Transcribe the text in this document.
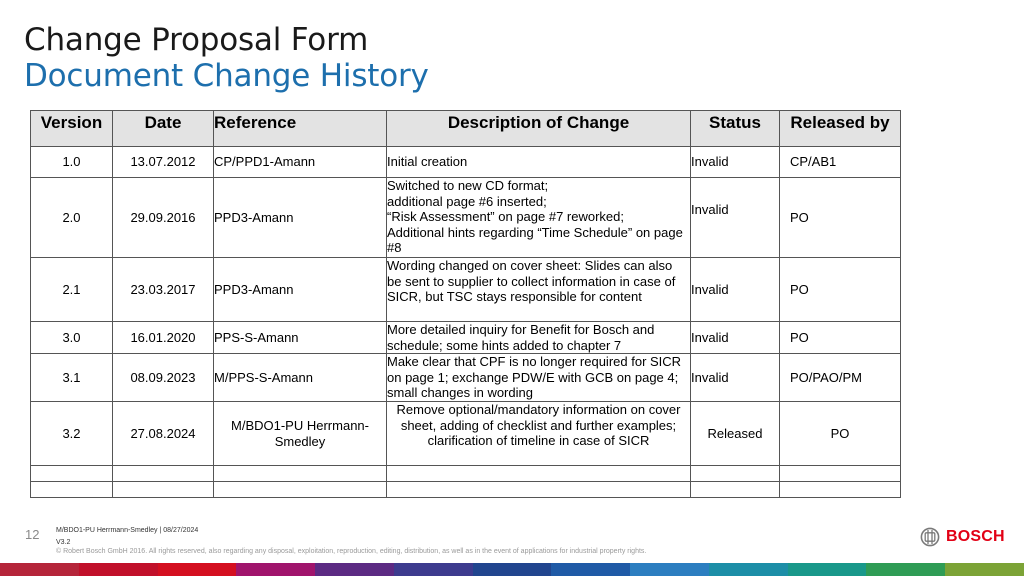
Change Proposal Form
Document Change History
Version	Date	Reference	Description of Change	Status	Released by
1.0	13.07.2012	CP/PPD1-Amann	Initial creation	Invalid	CP/AB1
2.0	29.09.2016	PPD3-Amann	Switched to new CD format;
additional page #6 inserted;
“Risk Assessment” on page #7 reworked;
Additional hints regarding “Time Schedule” on page #8	Invalid	PO
2.1	23.03.2017	PPD3-Amann	Wording changed on cover sheet: Slides can also be sent to supplier to collect information in case of SICR, but TSC stays responsible for content	Invalid	PO
3.0	16.01.2020	PPS-S-Amann	More detailed inquiry for Benefit for Bosch and schedule; some hints added to chapter 7	Invalid	PO
3.1	08.09.2023	M/PPS-S-Amann	Make clear that CPF is no longer required for SICR on page 1; exchange PDW/E with GCB on page 4; small changes in wording	Invalid	PO/PAO/PM
3.2	27.08.2024	M/BDO1-PU Herrmann-Smedley	Remove optional/mandatory information on cover sheet, adding of checklist and further examples; clarification of timeline in case of SICR	Released	PO

12 M/BDO1-PU Herrmann-Smedley | 08/27/2024
V3.2
© Robert Bosch GmbH 2016. All rights reserved, also regarding any disposal, exploitation, reproduction, editing, distribution, as well as in the event of applications for industrial property rights.
BOSCH
